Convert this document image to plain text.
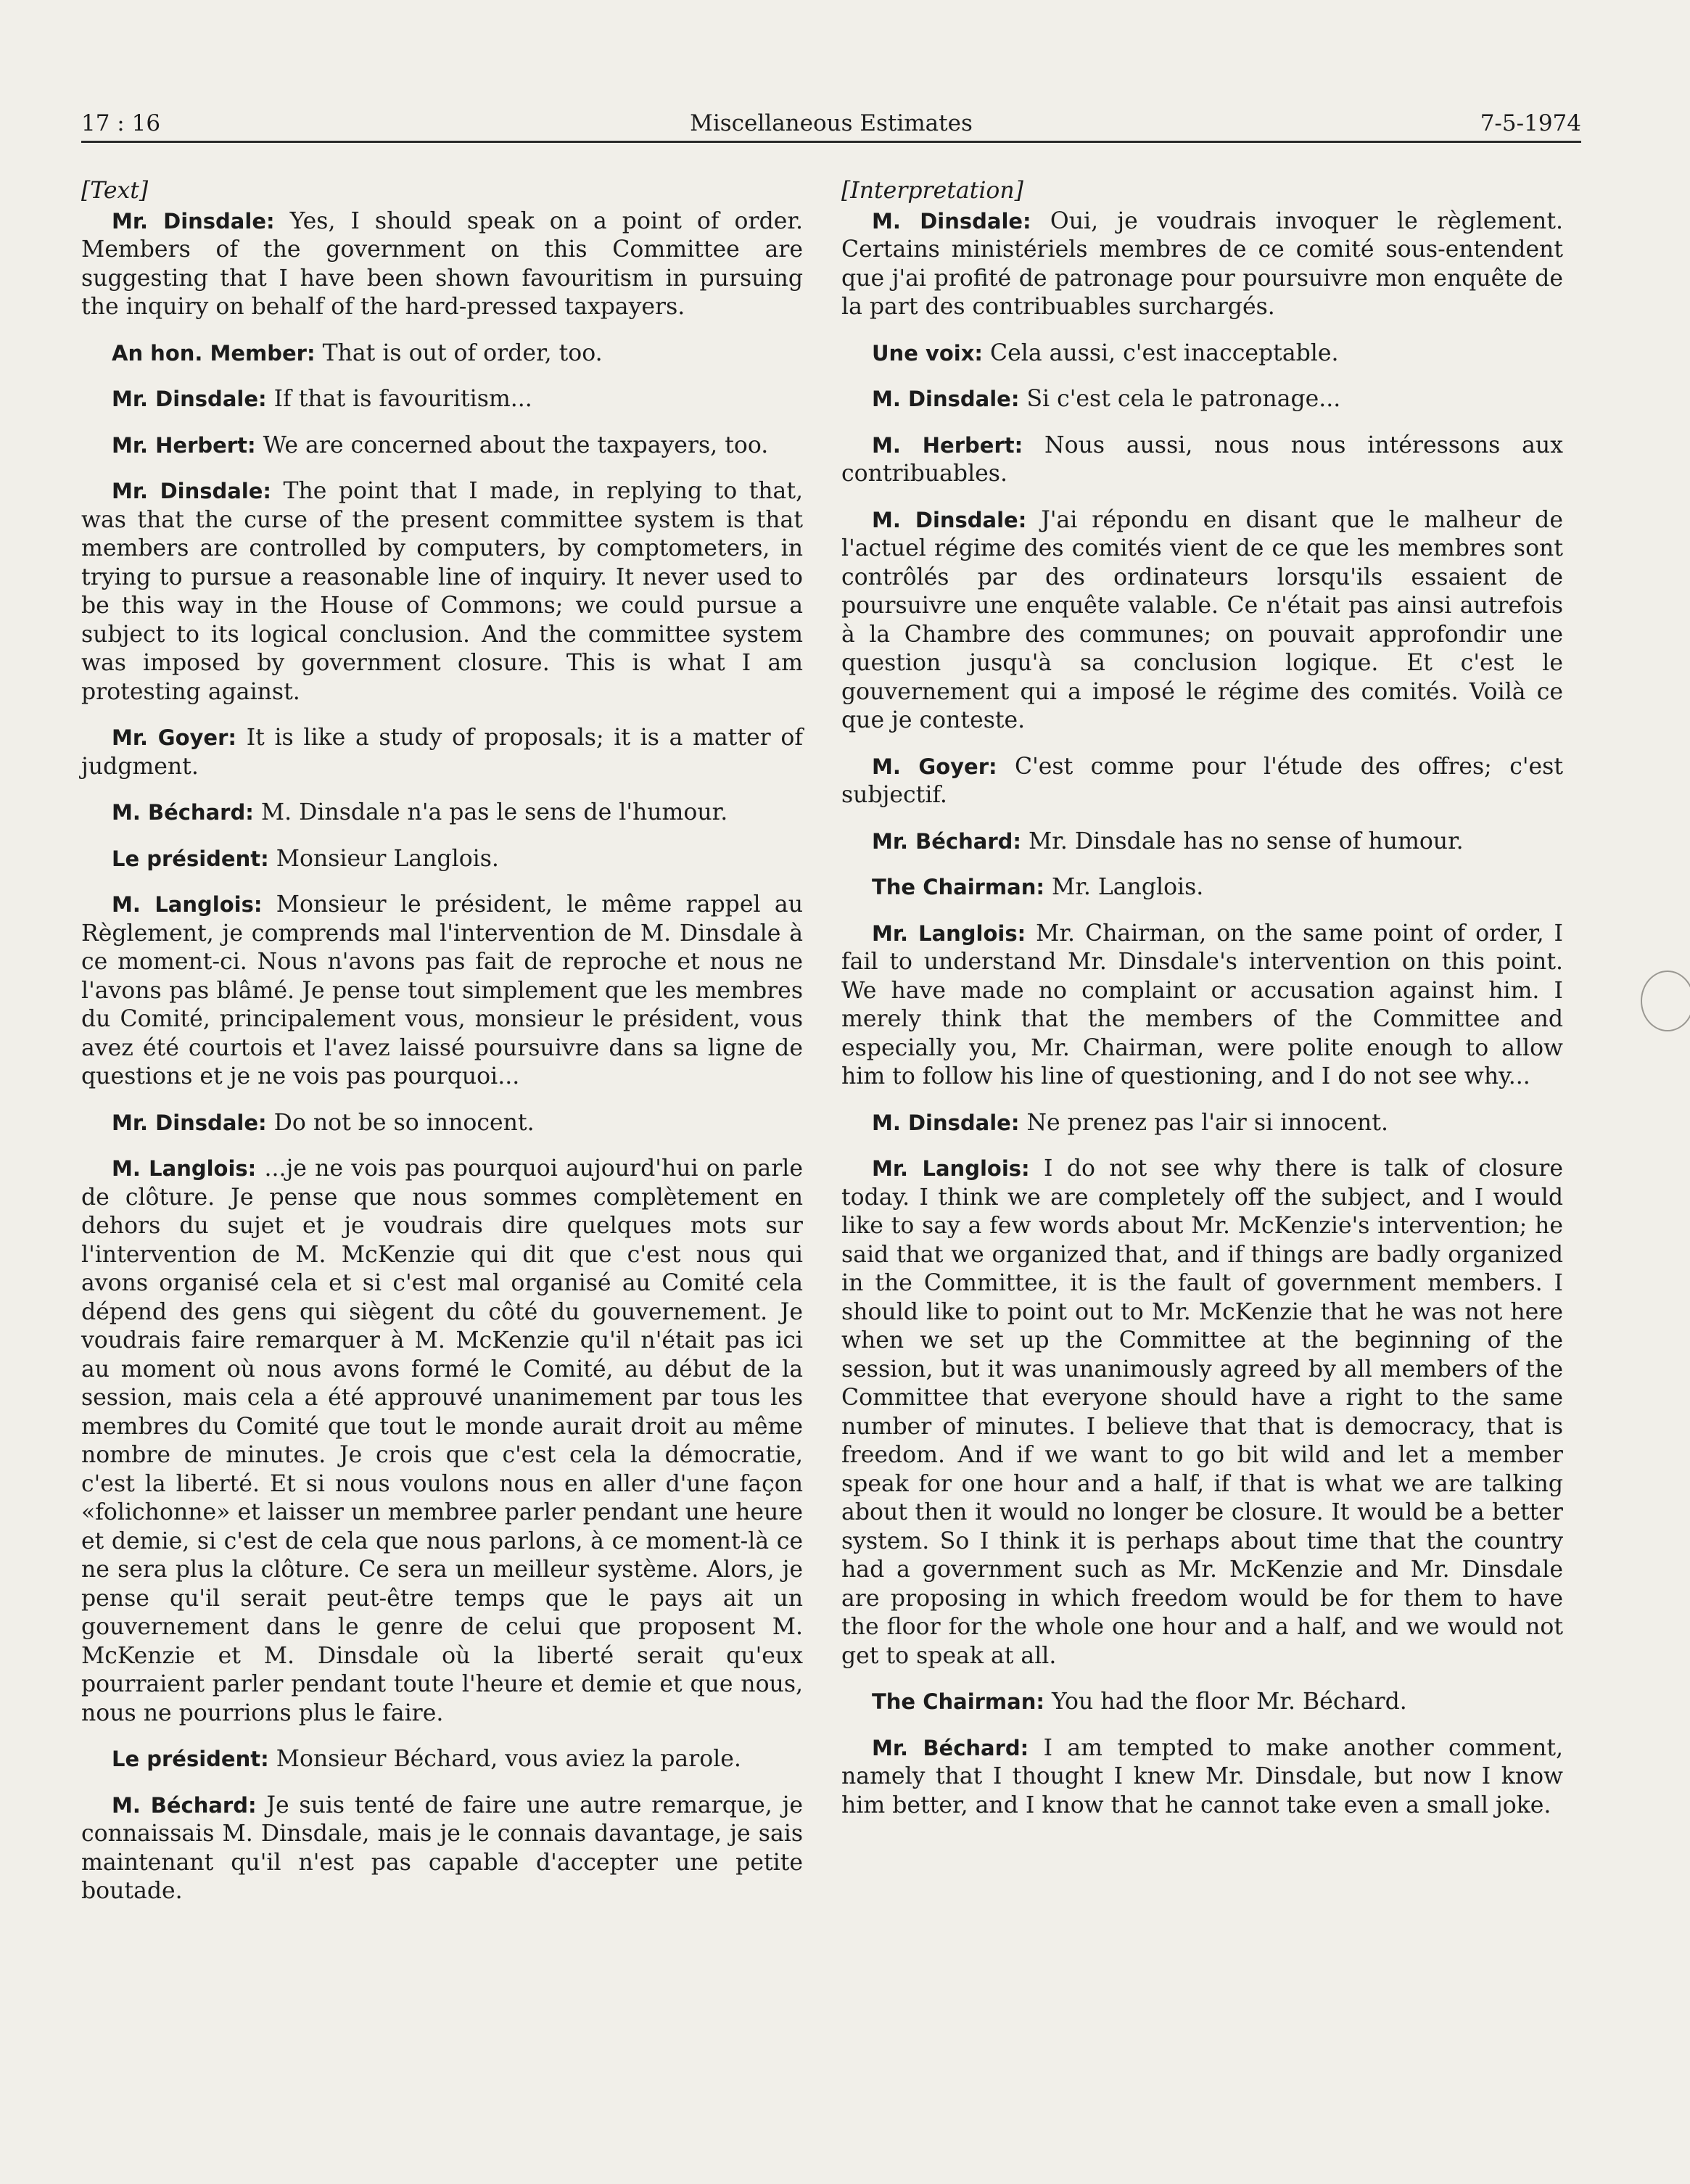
17 : 16	Miscellaneous Estimates	7-5-1974

[Text]

Mr. Dinsdale: Yes, I should speak on a point of order. Members of the government on this Committee are suggesting that I have been shown favouritism in pursuing the inquiry on behalf of the hard-pressed taxpayers.

An hon. Member: That is out of order, too.

Mr. Dinsdale: If that is favouritism...

Mr. Herbert: We are concerned about the taxpayers, too.

Mr. Dinsdale: The point that I made, in replying to that, was that the curse of the present committee system is that members are controlled by computers, by comptometers, in trying to pursue a reasonable line of inquiry. It never used to be this way in the House of Commons; we could pursue a subject to its logical conclusion. And the committee system was imposed by government closure. This is what I am protesting against.

Mr. Goyer: It is like a study of proposals; it is a matter of judgment.

M. Béchard: M. Dinsdale n'a pas le sens de l'humour.

Le président: Monsieur Langlois.

M. Langlois: Monsieur le président, le même rappel au Règlement, je comprends mal l'intervention de M. Dinsdale à ce moment-ci. Nous n'avons pas fait de reproche et nous ne l'avons pas blâmé. Je pense tout simplement que les membres du Comité, principalement vous, monsieur le président, vous avez été courtois et l'avez laissé poursuivre dans sa ligne de questions et je ne vois pas pourquoi...

Mr. Dinsdale: Do not be so innocent.

M. Langlois: ...je ne vois pas pourquoi aujourd'hui on parle de clôture. Je pense que nous sommes complètement en dehors du sujet et je voudrais dire quelques mots sur l'intervention de M. McKenzie qui dit que c'est nous qui avons organisé cela et si c'est mal organisé au Comité cela dépend des gens qui siègent du côté du gouvernement. Je voudrais faire remarquer à M. McKenzie qu'il n'était pas ici au moment où nous avons formé le Comité, au début de la session, mais cela a été approuvé unanimement par tous les membres du Comité que tout le monde aurait droit au même nombre de minutes. Je crois que c'est cela la démocratie, c'est la liberté. Et si nous voulons nous en aller d'une façon «folichonne» et laisser un membree parler pendant une heure et demie, si c'est de cela que nous parlons, à ce moment-là ce ne sera plus la clôture. Ce sera un meilleur système. Alors, je pense qu'il serait peut-être temps que le pays ait un gouvernement dans le genre de celui que proposent M. McKenzie et M. Dinsdale où la liberté serait qu'eux pourraient parler pendant toute l'heure et demie et que nous, nous ne pourrions plus le faire.

Le président: Monsieur Béchard, vous aviez la parole.

M. Béchard: Je suis tenté de faire une autre remarque, je connaissais M. Dinsdale, mais je le connais davantage, je sais maintenant qu'il n'est pas capable d'accepter une petite boutade.

[Interpretation]

M. Dinsdale: Oui, je voudrais invoquer le règlement. Certains ministériels membres de ce comité sous-entendent que j'ai profité de patronage pour poursuivre mon enquête de la part des contribuables surchargés.

Une voix: Cela aussi, c'est inacceptable.

M. Dinsdale: Si c'est cela le patronage...

M. Herbert: Nous aussi, nous nous intéressons aux contribuables.

M. Dinsdale: J'ai répondu en disant que le malheur de l'actuel régime des comités vient de ce que les membres sont contrôlés par des ordinateurs lorsqu'ils essaient de poursuivre une enquête valable. Ce n'était pas ainsi autrefois à la Chambre des communes; on pouvait approfondir une question jusqu'à sa conclusion logique. Et c'est le gouvernement qui a imposé le régime des comités. Voilà ce que je conteste.

M. Goyer: C'est comme pour l'étude des offres; c'est subjectif.

Mr. Béchard: Mr. Dinsdale has no sense of humour.

The Chairman: Mr. Langlois.

Mr. Langlois: Mr. Chairman, on the same point of order, I fail to understand Mr. Dinsdale's intervention on this point. We have made no complaint or accusation against him. I merely think that the members of the Committee and especially you, Mr. Chairman, were polite enough to allow him to follow his line of questioning, and I do not see why...

M. Dinsdale: Ne prenez pas l'air si innocent.

Mr. Langlois: I do not see why there is talk of closure today. I think we are completely off the subject, and I would like to say a few words about Mr. McKenzie's intervention; he said that we organized that, and if things are badly organized in the Committee, it is the fault of government members. I should like to point out to Mr. McKenzie that he was not here when we set up the Committee at the beginning of the session, but it was unanimously agreed by all members of the Committee that everyone should have a right to the same number of minutes. I believe that that is democracy, that is freedom. And if we want to go bit wild and let a member speak for one hour and a half, if that is what we are talking about then it would no longer be closure. It would be a better system. So I think it is perhaps about time that the country had a government such as Mr. McKenzie and Mr. Dinsdale are proposing in which freedom would be for them to have the floor for the whole one hour and a half, and we would not get to speak at all.

The Chairman: You had the floor Mr. Béchard.

Mr. Béchard: I am tempted to make another comment, namely that I thought I knew Mr. Dinsdale, but now I know him better, and I know that he cannot take even a small joke.
